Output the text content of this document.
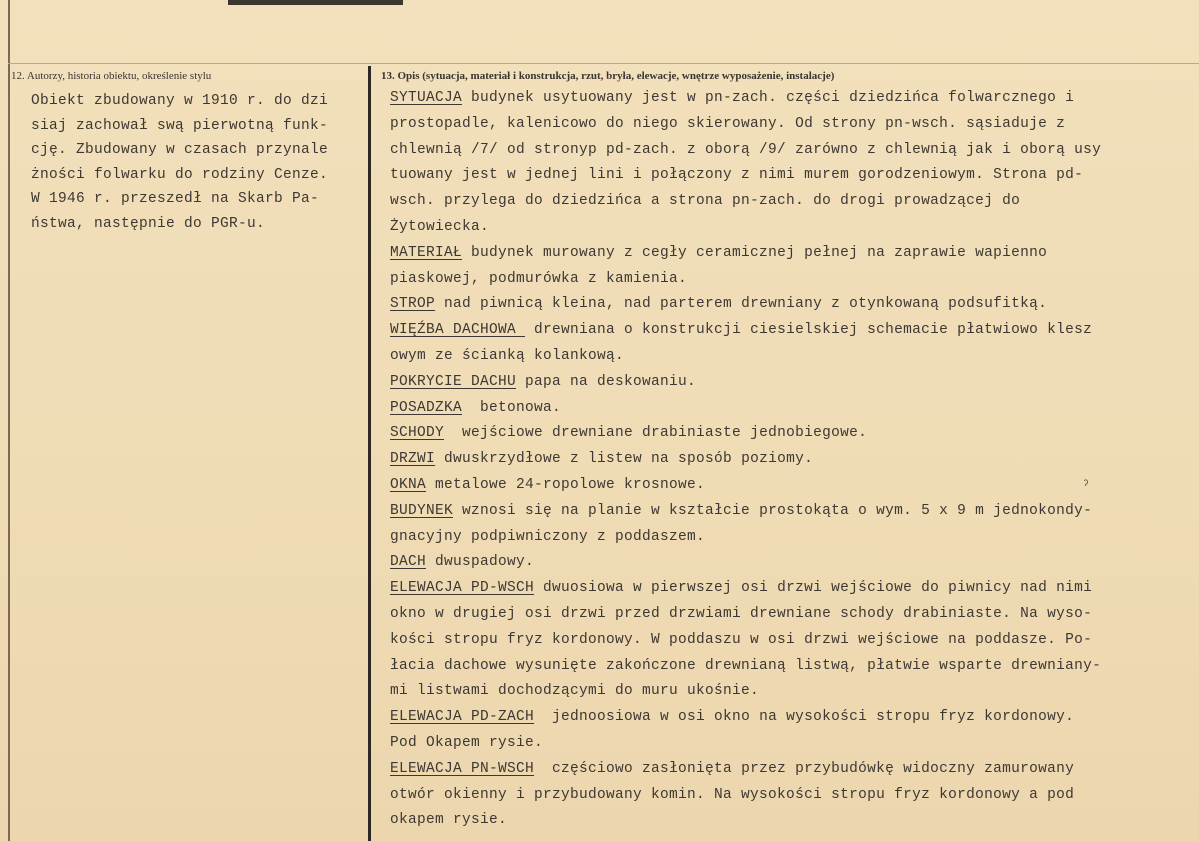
12. Autorzy, historia obiektu, określenie stylu	13. Opis (sytuacja, materiał i konstrukcja, rzut, bryła, elewacje, wnętrze wyposażenie, instalacje)
Obiekt zbudowany w 1910 r. do dzi
siaj zachował swą pierwotną funk-
cję. Zbudowany w czasach przynale
żności folwarku do rodziny Cenze.
W 1946 r. przeszedł na Skarb Pa-
ństwa, następnie do PGR-u.
SYTUACJA budynek usytuowany jest w pn-zach. części dziedzińca folwarcznego i
prostopadle, kalenicowo do niego skierowany. Od strony pn-wsch. sąsiaduje z
chlewnią /7/ od stronyp pd-zach. z oborą /9/ zarówno z chlewnią jak i oborą usy
tuowany jest w jednej lini i połączony z nimi murem gorodzeniowym. Strona pd-
wsch. przylega do dziedzińca a strona pn-zach. do drogi prowadzącej do
Żytowiecka.
MATERIAŁ budynek murowany z cegły ceramicznej pełnej na zaprawie wapienno
piaskowej, podmurówka z kamienia.
STROP nad piwnicą kleina, nad parterem drewniany z otynkowaną podsufitką.
WIĘŹBA DACHOWA  drewniana o konstrukcji ciesielskiej schemacie płatwiowo klesz
owym ze ścianką kolankową.
POKRYCIE DACHU papa na deskowaniu.
POSADZKA  betonowa.
SCHODY  wejściowe drewniane drabiniaste jednobiegowe.
DRZWI dwuskrzydłowe z listew na sposób poziomy.
OKNA metalowe 24-ropolowe krosnowe.
BUDYNEK wznosi się na planie w kształcie prostokąta o wym. 5 x 9 m jednokondy-
gnacyjny podpiwniczony z poddaszem.
DACH dwuspadowy.
ELEWACJA PD-WSCH dwuosiowa w pierwszej osi drzwi wejściowe do piwnicy nad nimi
okno w drugiej osi drzwi przed drzwiami drewniane schody drabiniaste. Na wyso-
kości stropu fryz kordonowy. W poddaszu w osi drzwi wejściowe na poddasze. Po-
łacia dachowe wysunięte zakończone drewnianą listwą, płatwie wsparte drewniany-
mi listwami dochodzącymi do muru ukośnie.
ELEWACJA PD-ZACH  jednoosiowa w osi okno na wysokości stropu fryz kordonowy.
Pod Okapem rysie.
ELEWACJA PN-WSCH  częściowo zasłonięta przez przybudówkę widoczny zamurowany
otwór okienny i przybudowany komin. Na wysokości stropu fryz kordonowy a pod
okapem rysie.
ˀ
